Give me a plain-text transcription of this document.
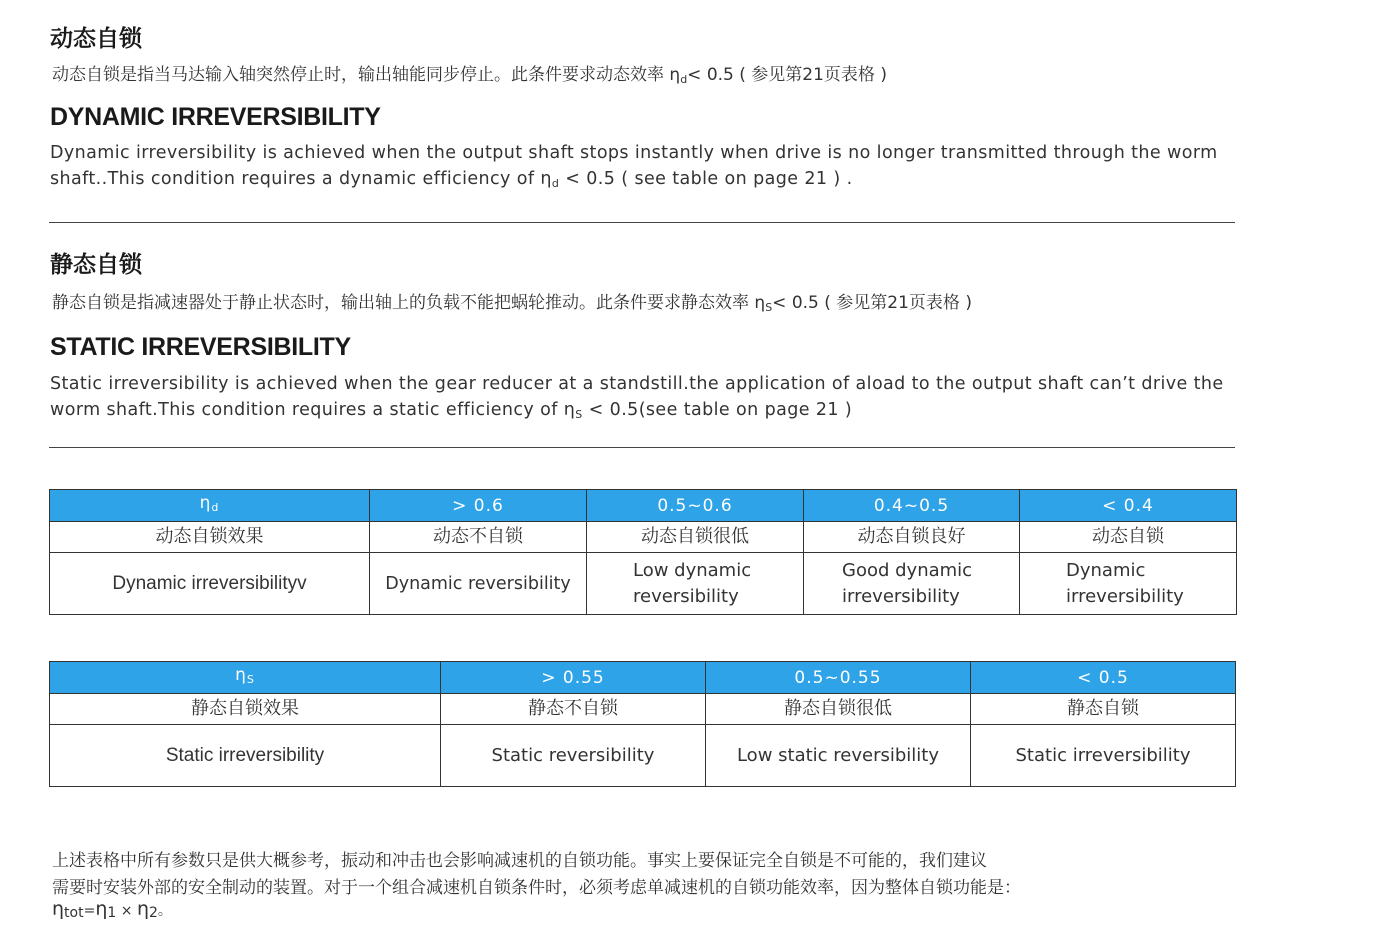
动态自锁
动态自锁是指当马达输入轴突然停止时，输出轴能同步停止。此条件要求动态效率 $\eta_d< 0.5$ ( 参见第21页表格 )
DYNAMIC IRREVERSIBILITY
Dynamic irreversibility is achieved when the output shaft stops instantly when drive is no longer transmitted through the worm shaft..This condition requires a dynamic efficiency of $\eta_d < 0.5$ ( see table on page 21 ) .
静态自锁
静态自锁是指减速器处于静止状态时，输出轴上的负载不能把蜗轮推动。此条件要求静态效率 $\eta_S< 0.5$ ( 参见第21页表格 )
STATIC IRREVERSIBILITY
Static irreversibility is achieved when the gear reducer at a standstill.the application of aload to the output shaft can’t drive the worm shaft.This condition requires a static efficiency of $\eta_S < 0.5(see$ table on page 21 )
$\eta_d$	> 0.6	0.5~0.6	0.4~0.5	< 0.4
动态自锁效果	动态不自锁	动态自锁很低	动态自锁良好	动态自锁
Dynamic irreversibilityv	Dynamic reversibility	Low dynamic reversibility	Good dynamic irreversibility	Dynamic irreversibility
$\eta_S$	> 0.55	0.5~0.55	< 0.5
静态自锁效果	静态不自锁	静态自锁很低	静态自锁
Static irreversibility	Static reversibility	Low static reversibility	Static irreversibility
上述表格中所有参数只是供大概参考，振动和冲击也会影响减速机的自锁功能。事实上要保证完全自锁是不可能的，我们建议
需要时安装外部的安全制动的装置。对于一个组合减速机自锁条件时，必须考虑单减速机的自锁功能效率，因为整体自锁功能是：
ηtot=η1 × η2。
